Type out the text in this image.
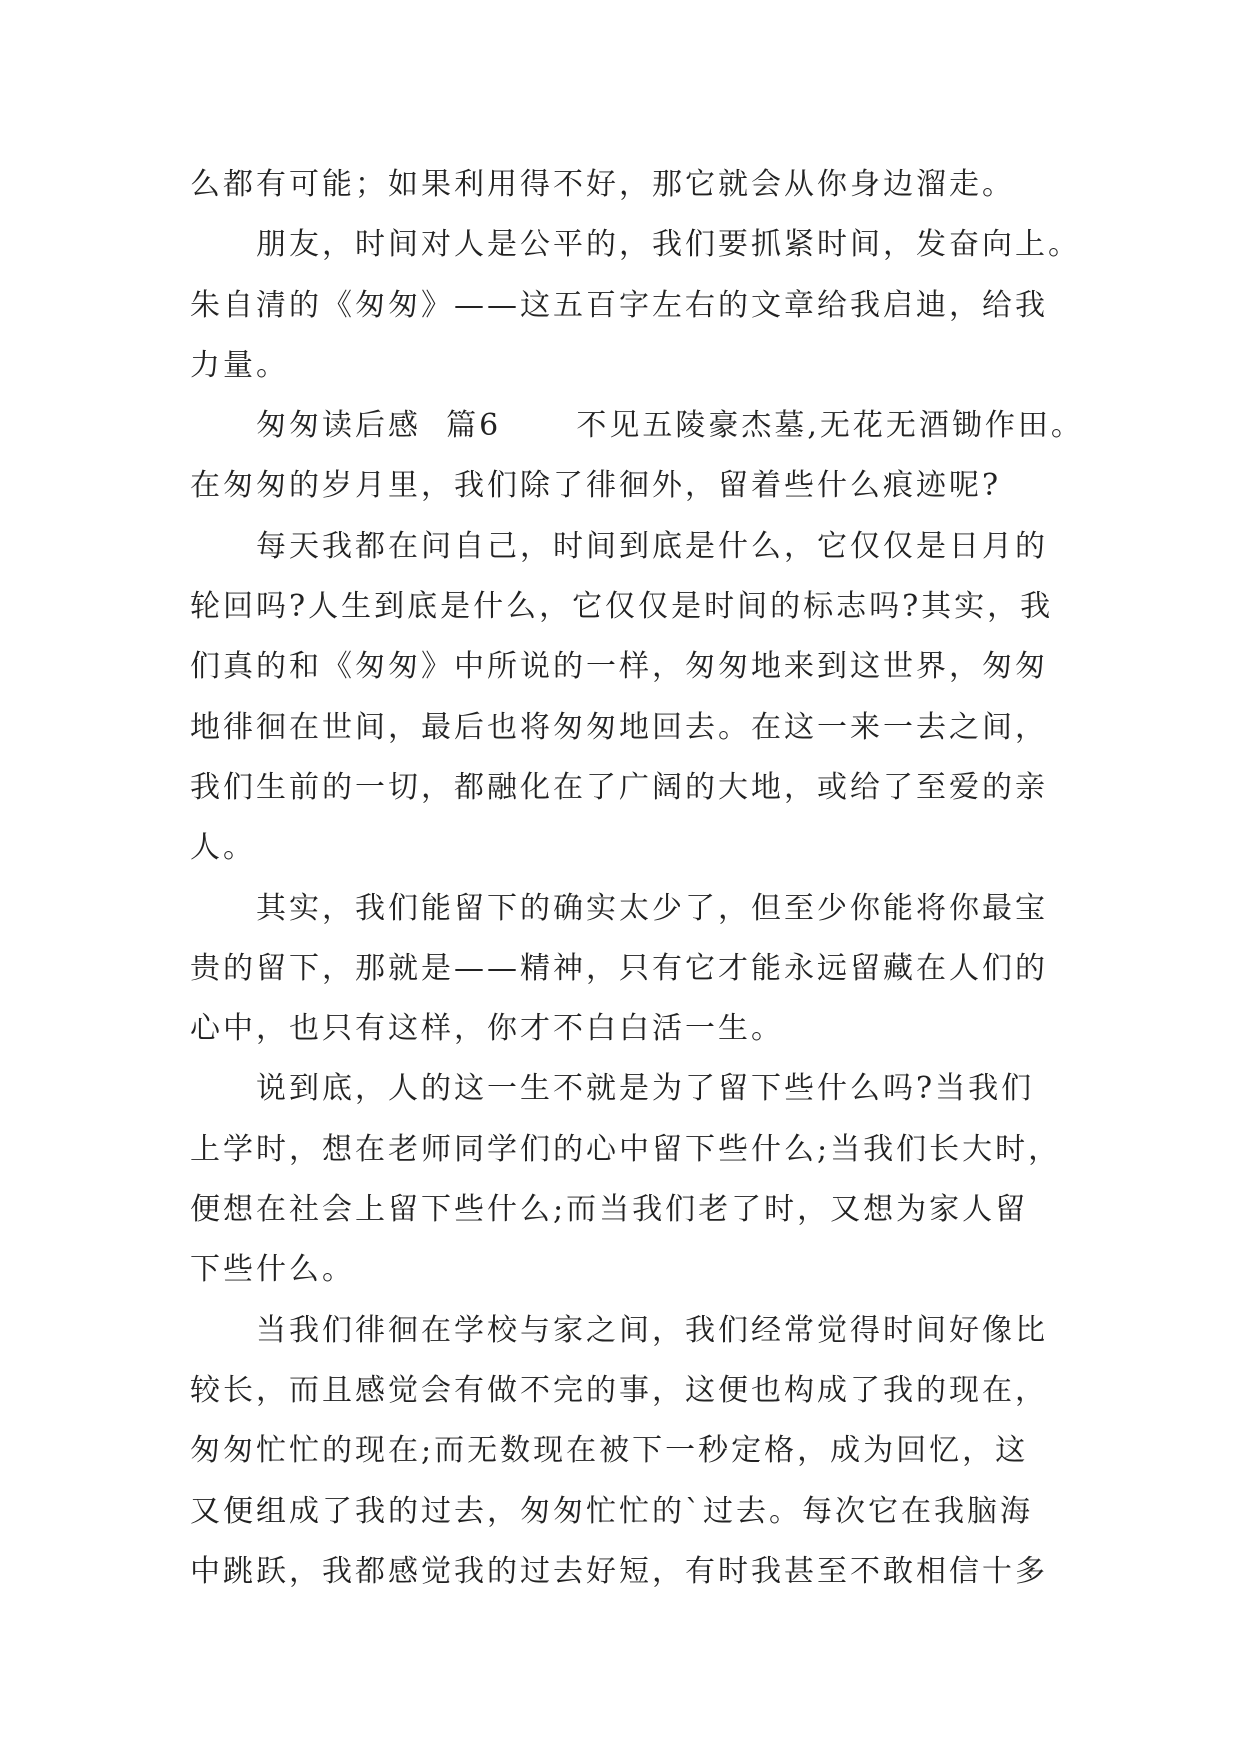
么都有可能；如果利用得不好，那它就会从你身边溜走。
朋友，时间对人是公平的，我们要抓紧时间，发奋向上。
朱自清的《匆匆》——这五百字左右的文章给我启迪，给我
力量。
匆匆读后感  篇6      不见五陵豪杰墓,无花无酒锄作田。
在匆匆的岁月里，我们除了徘徊外，留着些什么痕迹呢?
每天我都在问自己，时间到底是什么，它仅仅是日月的
轮回吗?人生到底是什么，它仅仅是时间的标志吗?其实，我
们真的和《匆匆》中所说的一样，匆匆地来到这世界，匆匆
地徘徊在世间，最后也将匆匆地回去。在这一来一去之间，
我们生前的一切，都融化在了广阔的大地，或给了至爱的亲
人。
其实，我们能留下的确实太少了，但至少你能将你最宝
贵的留下，那就是——精神，只有它才能永远留藏在人们的
心中，也只有这样，你才不白白活一生。
说到底，人的这一生不就是为了留下些什么吗?当我们
上学时，想在老师同学们的心中留下些什么;当我们长大时，
便想在社会上留下些什么;而当我们老了时，又想为家人留
下些什么。
当我们徘徊在学校与家之间，我们经常觉得时间好像比
较长，而且感觉会有做不完的事，这便也构成了我的现在，
匆匆忙忙的现在;而无数现在被下一秒定格，成为回忆，这
又便组成了我的过去，匆匆忙忙的`过去。每次它在我脑海
中跳跃，我都感觉我的过去好短，有时我甚至不敢相信十多
